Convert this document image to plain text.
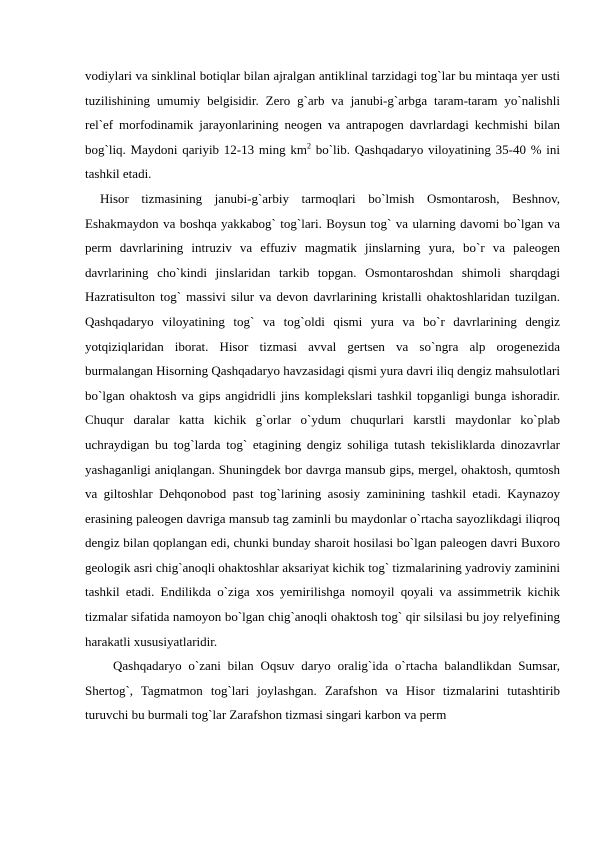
vodiylari va sinklinal botiqlar bilan ajralgan antiklinal tarzidagi tog`lar bu mintaqa yer usti tuzilishining umumiy belgisidir. Zero g`arb va janubi-g`arbga taram-taram yo`nalishli rel`ef morfodinamik jarayonlarining neogen va antrapogen davrlardagi kechmishi bilan bog`liq. Maydoni qariyib 12-13 ming $km^2$ bo`lib. Qashqadaryo viloyatining 35-40 % ini tashkil etadi.

Hisor tizmasining janubi-g`arbiy tarmoqlari bo`lmish Osmontarosh, Beshnov, Eshakmaydon va boshqa yakkabog` tog`lari. Boysun tog` va ularning davomi bo`lgan va perm davrlarining intruziv va effuziv magmatik jinslarning yura, bo`r va paleogen davrlarining cho`kindi jinslaridan tarkib topgan. Osmontaroshdan shimoli sharqdagi Hazratisulton tog` massivi silur va devon davrlarining kristalli ohaktoshlaridan tuzilgan. Qashqadaryo viloyatining tog` va tog`oldi qismi yura va bo`r davrlarining dengiz yotqiziqlaridan iborat. Hisor tizmasi avval gertsen va so`ngra alp orogenezida burmalangan Hisorning Qashqadaryo havzasidagi qismi yura davri iliq dengiz mahsulotlari bo`lgan ohaktosh va gips angidridli jins komplekslari tashkil topganligi bunga ishoradir. Chuqur daralar katta kichik g`orlar o`ydum chuqurlari karstli maydonlar ko`plab uchraydigan bu tog`larda tog` etagining dengiz sohiliga tutash tekisliklarda dinozavrlar yashaganligi aniqlangan. Shuningdek bor davrga mansub gips, mergel, ohaktosh, qumtosh va giltoshlar Dehqonobod past tog`larining asosiy zaminining tashkil etadi. Kaynazoy erasining paleogen davriga mansub tag zaminli bu maydonlar o`rtacha sayozlikdagi iliqroq dengiz bilan qoplangan edi, chunki bunday sharoit hosilasi bo`lgan paleogen davri Buxoro geologik asri chig`anoqli ohaktoshlar aksariyat kichik tog` tizmalarining yadroviy zaminini tashkil etadi. Endilikda o`ziga xos yemirilishga nomoyil qoyali va assimmetrik kichik tizmalar sifatida namoyon bo`lgan chig`anoqli ohaktosh tog` qir silsilasi bu joy relyefining harakatli xususiyatlaridir.

Qashqadaryo o`zani bilan Oqsuv daryo oralig`ida o`rtacha balandlikdan Sumsar, Shertog`, Tagmatmon tog`lari joylashgan. Zarafshon va Hisor tizmalarini tutashtirib turuvchi bu burmali tog`lar Zarafshon tizmasi singari karbon va perm
